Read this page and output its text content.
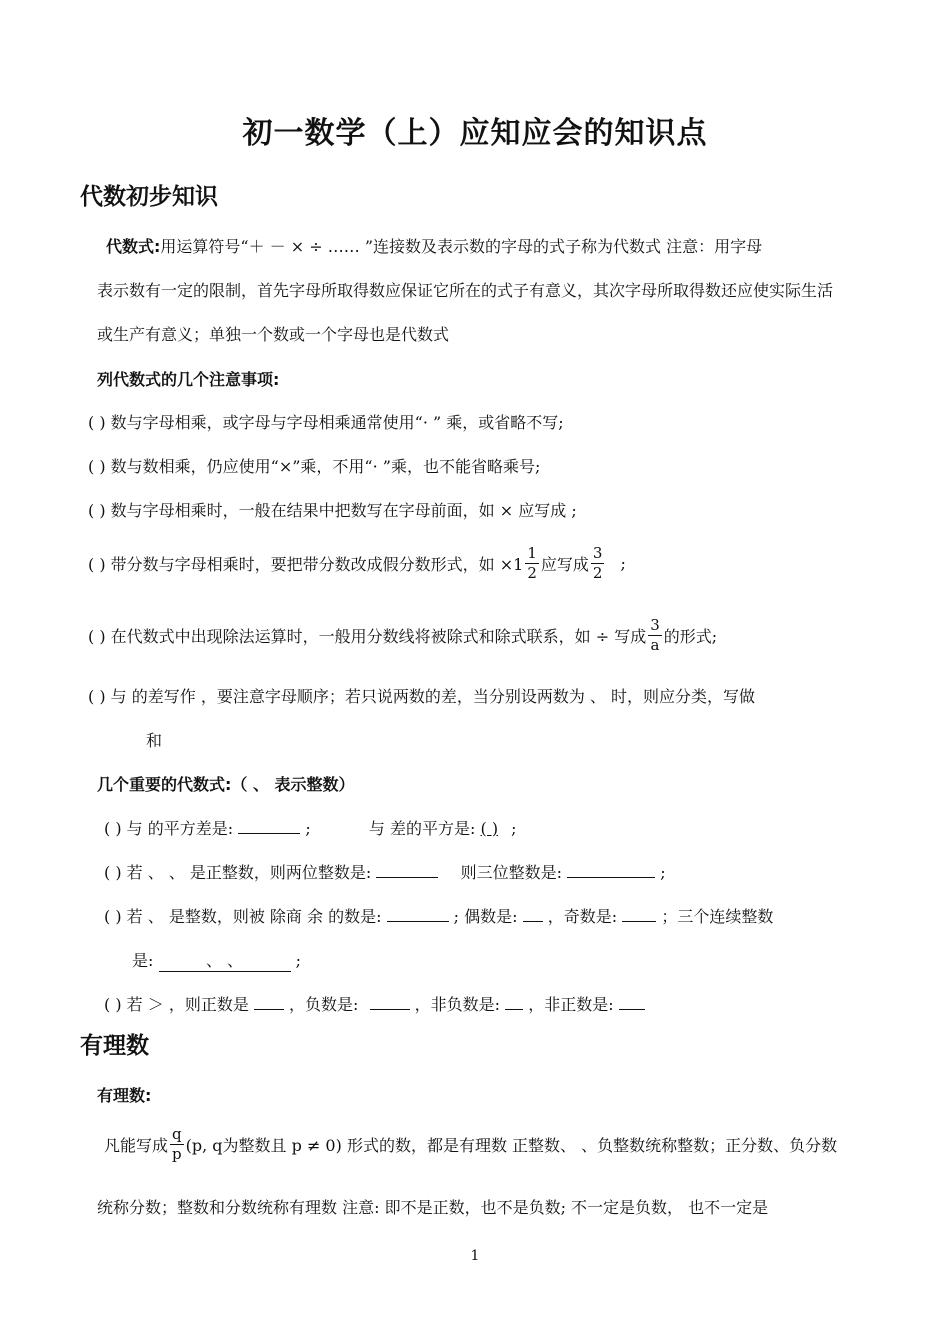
初一数学（上）应知应会的知识点
代数初步知识
代数式:用运算符号“＋ － × ÷ …… ”连接数及表示数的字母的式子称为代数式 注意：用字母
表示数有一定的限制，首先字母所取得数应保证它所在的式子有意义，其次字母所取得数还应使实际生活
或生产有意义；单独一个数或一个字母也是代数式
列代数式的几个注意事项:
( ) 数与字母相乘，或字母与字母相乘通常使用“· ” 乘，或省略不写;
( ) 数与数相乘，仍应使用“×”乘，不用“· ”乘，也不能省略乘号;
( ) 数与字母相乘时，一般在结果中把数写在字母前面，如 × 应写成 ;
( ) 带分数与字母相乘时，要把带分数改成假分数形式，如 $\times 1 \frac{1}{2}$ 应写成 $\frac{3}{2}$ ;
( ) 在代数式中出现除法运算时，一般用分数线将被除式和除式联系，如 ÷ 写成 $\frac{3}{a}$ 的形式;
( ) 与 的差写作 ，要注意字母顺序；若只说两数的差，当分别设两数为 、 时，则应分类，写做
和
几个重要的代数式:（ 、 表示整数）
( ) 与 的平方差是:	;	与 差的平方是: ( ) ;
( ) 若 、 、 是正整数，则两位整数是:	则三位整数是:	;
( ) 若 、 是整数，则被 除商 余 的数是:	; 偶数是: ，奇数是:	；三个连续整数
是:	、 、	;
( ) 若 ＞ ，则正数是	，负数是:	，非负数是: ，非正数是:
有理数
有理数:
凡能写成 $\frac{q}{p} (p$, q为整数且 p ≠ 0) 形式的数，都是有理数 正整数、 、负整数统称整数；正分数、负分数
统称分数；整数和分数统称有理数 注意: 即不是正数，也不是负数; 不一定是负数， 也不一定是
1
